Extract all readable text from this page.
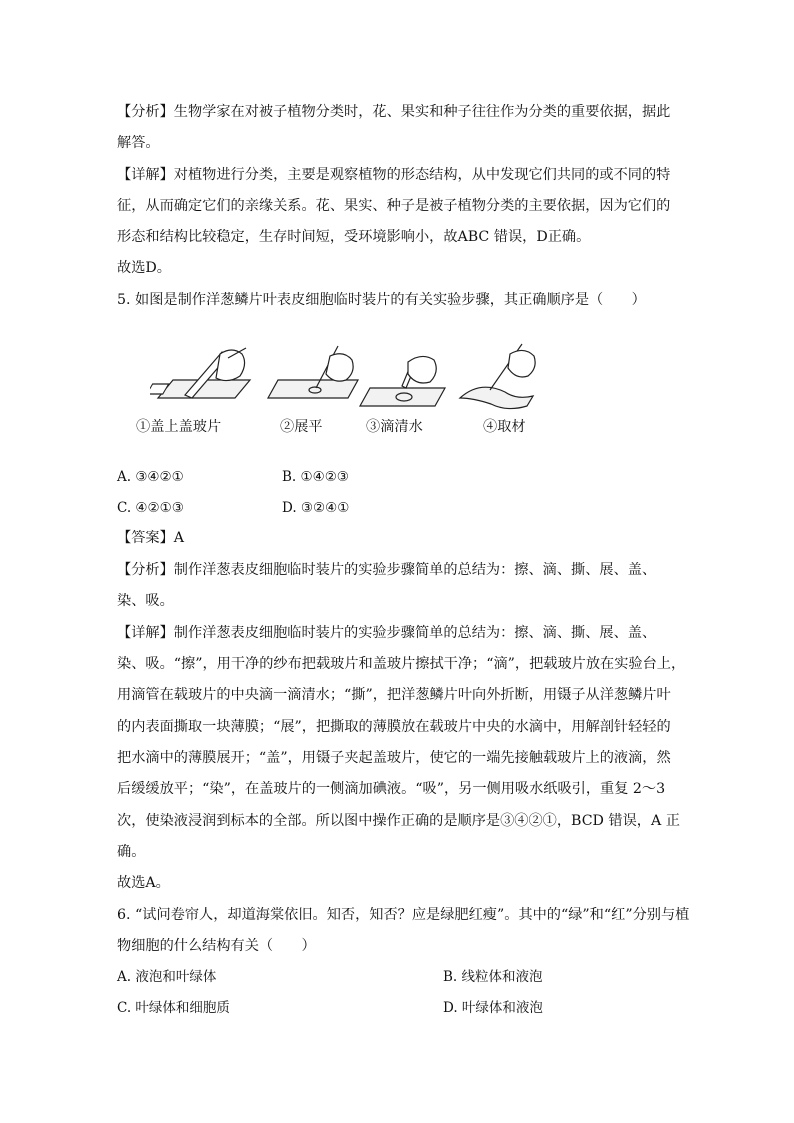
【分析】生物学家在对被子植物分类时，花、果实和种子往往作为分类的重要依据，据此
解答。
【详解】对植物进行分类，主要是观察植物的形态结构，从中发现它们共同的或不同的特
征，从而确定它们的亲缘关系。花、果实、种子是被子植物分类的主要依据，因为它们的
形态和结构比较稳定，生存时间短，受环境影响小，故ABC 错误，D正确。
故选D。
5. 如图是制作洋葱鳞片叶表皮细胞临时装片的有关实验步骤，其正确顺序是（　　）
①盖上盖玻片	②展平	③滴清水	④取材
A. ③④②①	B. ①④②③
C. ④②①③	D. ③②④①
【答案】A
【分析】制作洋葱表皮细胞临时装片的实验步骤简单的总结为：擦、滴、撕、展、盖、
染、吸。
【详解】制作洋葱表皮细胞临时装片的实验步骤简单的总结为：擦、滴、撕、展、盖、
染、吸。“擦”，用干净的纱布把载玻片和盖玻片擦拭干净；“滴”，把载玻片放在实验台上，
用滴管在载玻片的中央滴一滴清水；“撕”，把洋葱鳞片叶向外折断，用镊子从洋葱鳞片叶
的内表面撕取一块薄膜；“展”，把撕取的薄膜放在载玻片中央的水滴中，用解剖针轻轻的
把水滴中的薄膜展开；“盖”，用镊子夹起盖玻片，使它的一端先接触载玻片上的液滴，然
后缓缓放平；“染”，在盖玻片的一侧滴加碘液。“吸”，另一侧用吸水纸吸引，重复 2～3
次，使染液浸润到标本的全部。所以图中操作正确的是顺序是③④②①，BCD 错误，A 正
确。
故选A。
6. “试问卷帘人，却道海棠依旧。知否，知否？应是绿肥红瘦”。其中的“绿”和“红”分别与植
物细胞的什么结构有关（　　）
A. 液泡和叶绿体	B. 线粒体和液泡
C. 叶绿体和细胞质	D. 叶绿体和液泡
